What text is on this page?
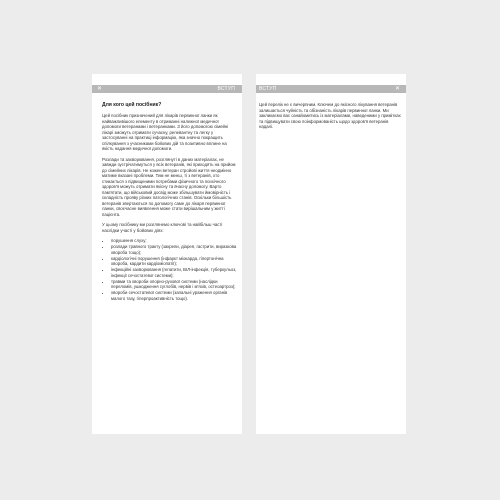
✕	ВСТУП
Для кого цей посібник?

Цей посібник призначений для лікарів первинної ланки як найважливішого елементу в отриманні належної медичної допомоги ветеранами і ветеранками. З його допомогою сімейні лікарі зможуть отримати сучасну, релевантну та легку у застосуванні на практиці інформацію, яка значно покращить спілкування з учасниками бойових дій та позитивно вплине на якість надання медичної допомоги.

Розлади та захворювання, розглянуті в даних матеріалах, не завжди зустрічатимуться у всіх ветеранів, які приходять на прийом до сімейних лікарів. Не кожен ветеран стройові життя неодмінно матиме вказані проблеми. Тим не менш, ті з ветеранів, хто стикається з підвищеними потребами фізичного та психічного здоров'я можуть отримати якісну та вчасну допомогу. Варто пам'ятати, що військовий досвід може збільшувати ймовірність і складність прояву різних патологічних станів. Оскільки більшість ветеранів звертаються по допомогу саме до лікаря первинної ланки, своєчасне виявлення може стати вирішальним у житті пацієнта.

У цьому посібнику ми розглянемо ключові та найбільш часті наслідки участі у бойових діях:

• порушення слуху;
• розлади травного тракту (закрепи, діарея, гастрити, виразкова хвороба тощо);
• кардіологічні порушення (інфаркт міокарда, гіпертонічна хвороба, кардити кардіоміопатії);
• інфекційні захворювання (гепатити, ВІЛ-інфекція, туберкульоз, інфекції сечостатевої системи);
• травми та хвороби опорно-рухової системи (наслідки переломів, ушкодження суглобів, нервів і м'язів, остеоартроз);
• хвороби сечостатевої системи (запальні ураження органів малого тазу, гіперпроактивність тощо).
ВСТУП	✕

Цей перелік не є вичерпним. Ключем до якісного лікування ветеранів залишається чуйність та обізнаність лікарів первинної ланки. Ми закликаємо вас ознайомитись із матеріалами, наведеними у примітках та підвищувати свою поінформованість щодо здоров'я ветеранів надалі.
